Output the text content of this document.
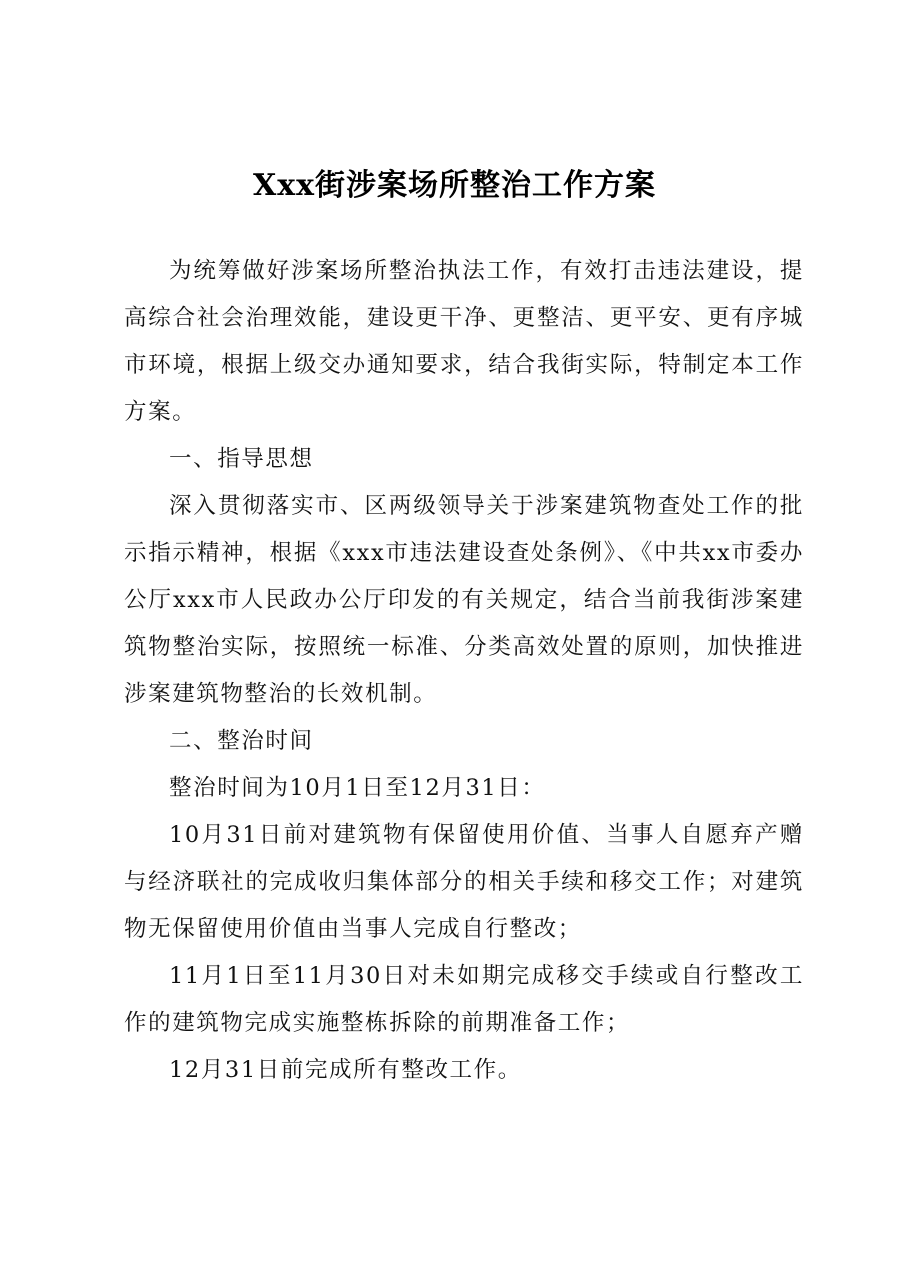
Xxx街涉案场所整治工作方案

为统筹做好涉案场所整治执法工作，有效打击违法建设，提高综合社会治理效能，建设更干净、更整洁、更平安、更有序城市环境，根据上级交办通知要求，结合我街实际，特制定本工作方案。

一、指导思想

深入贯彻落实市、区两级领导关于涉案建筑物查处工作的批示指示精神，根据《xxx市违法建设查处条例》、《中共xx市委办公厅xxx市人民政办公厅印发的有关规定，结合当前我街涉案建筑物整治实际，按照统一标准、分类高效处置的原则，加快推进涉案建筑物整治的长效机制。

二、整治时间

整治时间为10月1日至12月31日：

10月31日前对建筑物有保留使用价值、当事人自愿弃产赠与经济联社的完成收归集体部分的相关手续和移交工作；对建筑物无保留使用价值由当事人完成自行整改；

11月1日至11月30日对未如期完成移交手续或自行整改工作的建筑物完成实施整栋拆除的前期准备工作；

12月31日前完成所有整改工作。
